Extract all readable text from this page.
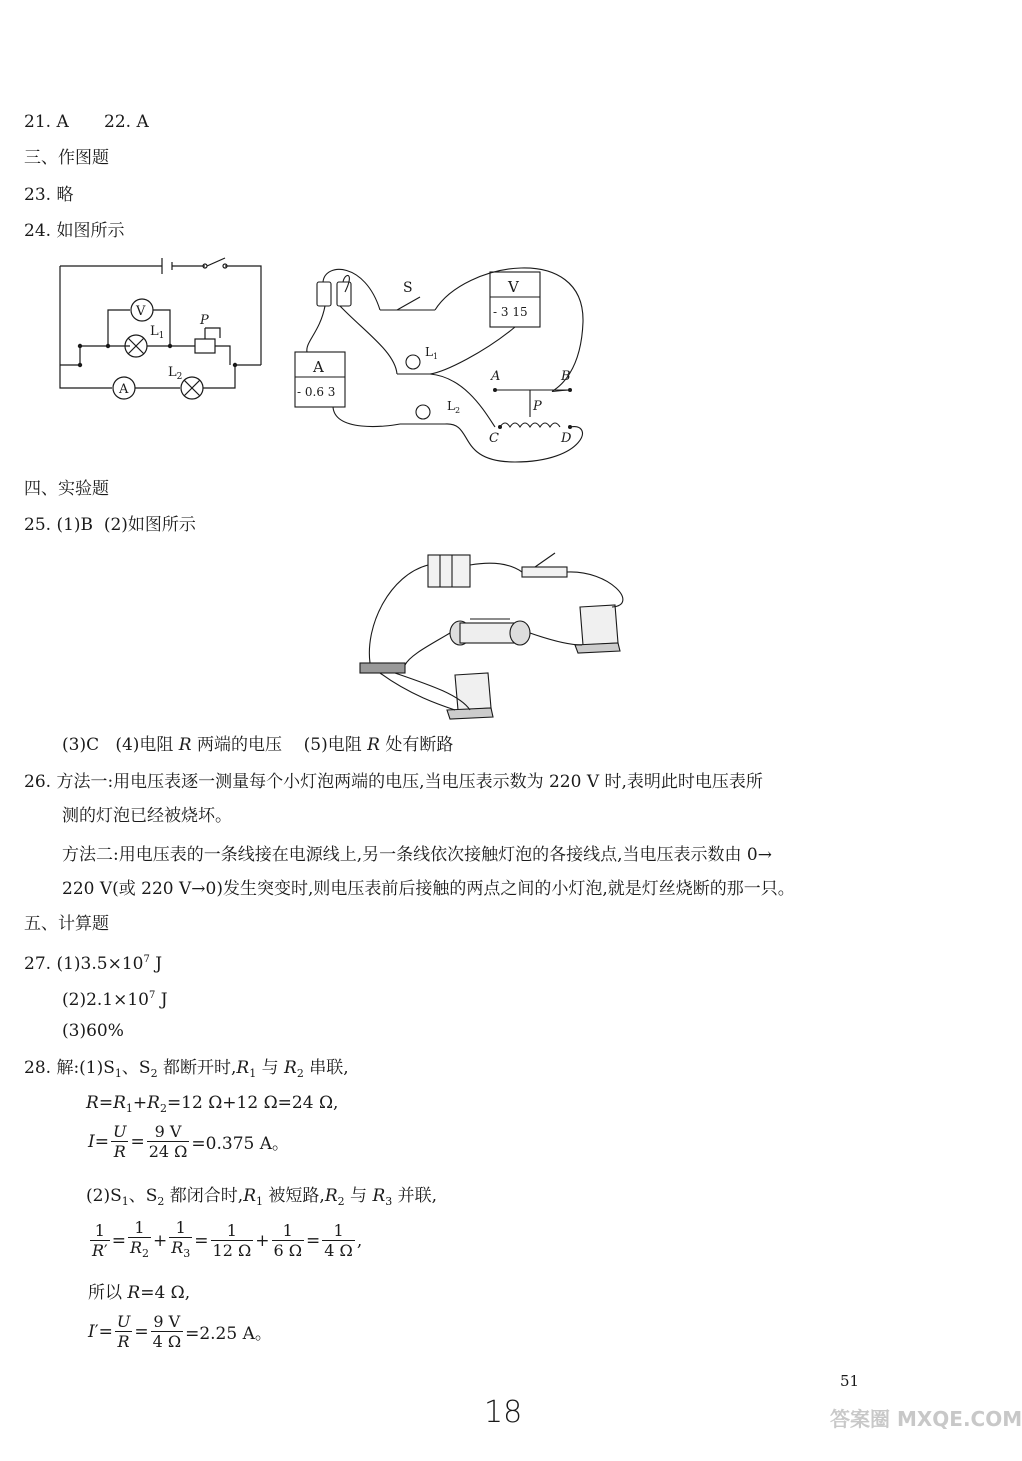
21. A 22. A
三、作图题
23. 略
24. 如图所示
V
A
$L_1$
$L_2$
P
S	V
- 3 15
A
- 0.6 3
$L_1$
$L_2$
A	B
C	D
P
四、实验题
25. (1)B (2)如图所示
(3)C (4)电阻 R 两端的电压 (5)电阻 R 处有断路
26. 方法一:用电压表逐一测量每个小灯泡两端的电压,当电压表示数为 220 V 时,表明此时电压表所
测的灯泡已经被烧坏。
方法二:用电压表的一条线接在电源线上,另一条线依次接触灯泡的各接线点,当电压表示数由 0→
220 V(或 220 V→0)发生突变时,则电压表前后接触的两点之间的小灯泡,就是灯丝烧断的那一只。
五、计算题
27. $(1)3.5\times 10^7$ J
$(2)2.1\times 10^7$ J
(3)60%
28. 解$:(1)S_1$、$S_2$ 都断开时$,R_1$ 与 $R_2$ 串联,
$R=R_1+R_2=12$ Ω+12 Ω=24 Ω,
$I = \frac{U}{R} = \frac{9 V}{24 \Omega} =0.375$ A。
$(2)S_1$、$S_2$ 都闭合时$,R_1$ 被短路$,R_2$ 与 $R_3$ 并联,
$\frac{1}{R'} = \frac{1}{R_2} + \frac{1}{R_3} = \frac{1}{12 \Omega} + \frac{1}{6 \Omega} = \frac{1}{4 \Omega}$ ,
所以 R=4 Ω,
I ′= $\frac{U}{R} = \frac{9 V}{4 \Omega} =2.25$ A。
51
18	答案圈 MXQE.COM
